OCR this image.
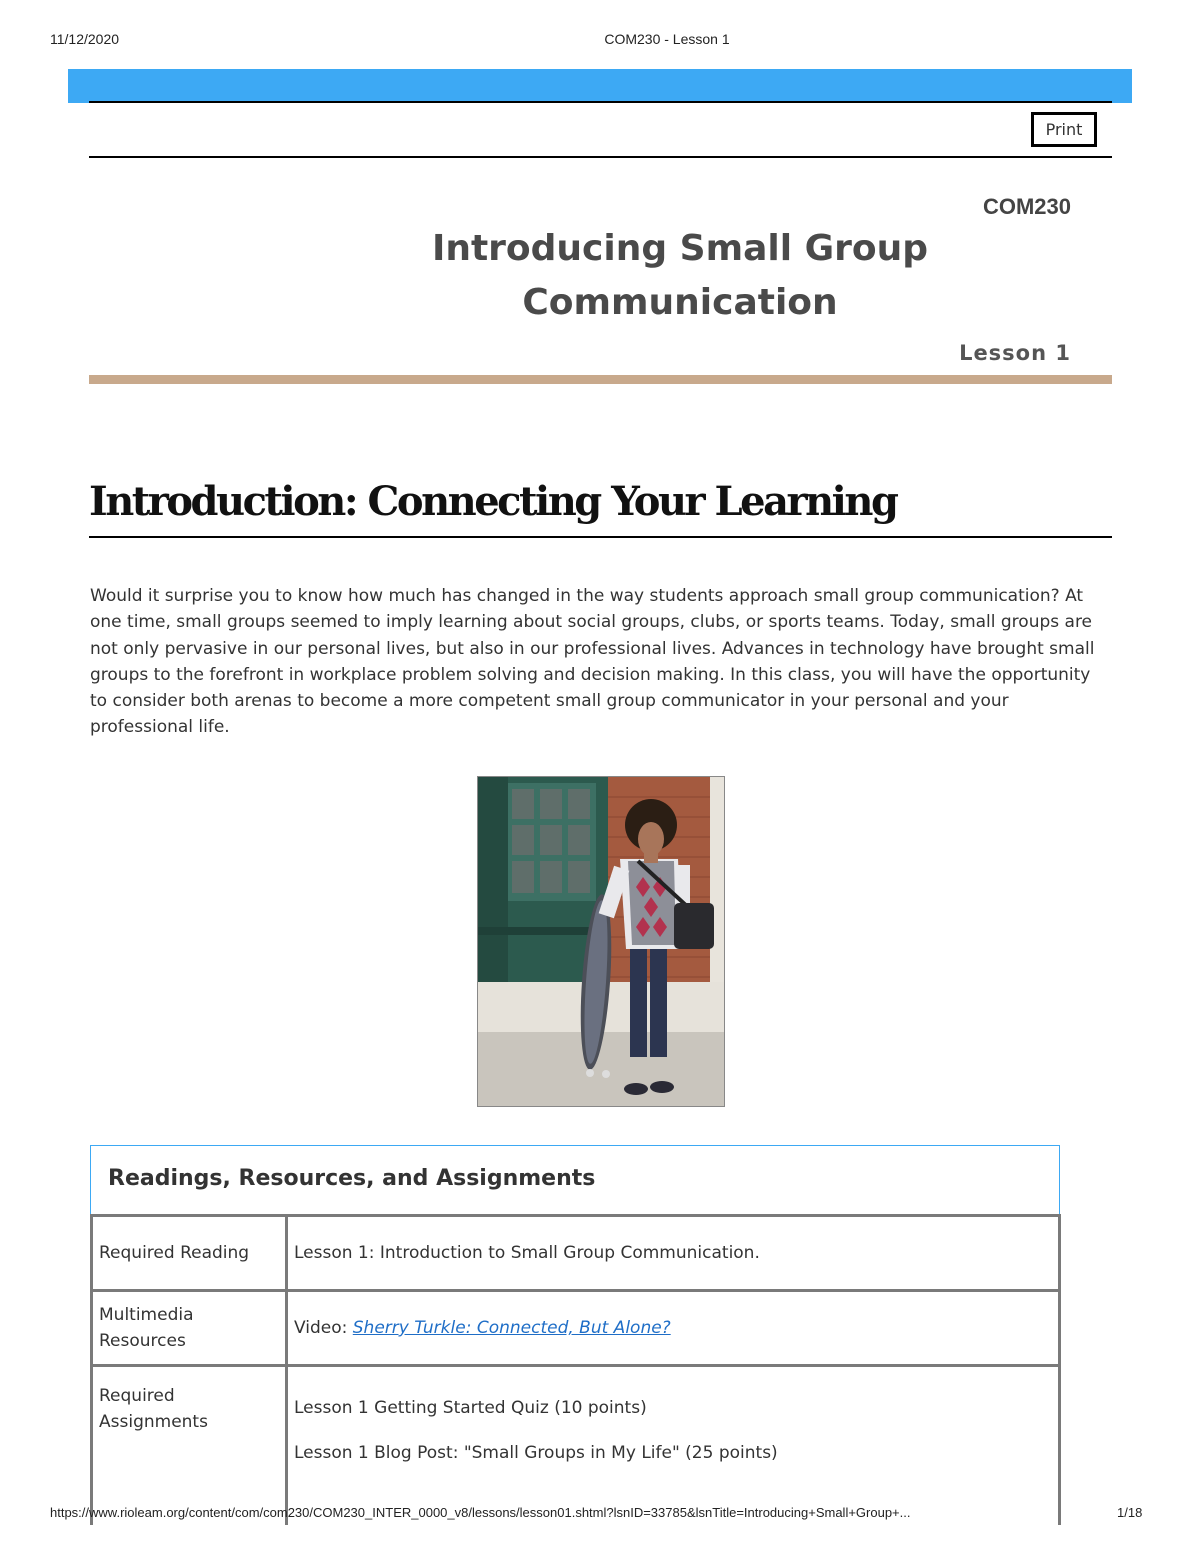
11/12/2020	COM230 - Lesson 1
Print
COM230
Introducing Small Group
Communication
Lesson 1
Introduction: Connecting Your Learning

Would it surprise you to know how much has changed in the way students approach small group communication? At one time, small groups seemed to imply learning about social groups, clubs, or sports teams. Today, small groups are not only pervasive in our personal lives, but also in our professional lives. Advances in technology have brought small groups to the forefront in workplace problem solving and decision making. In this class, you will have the opportunity to consider both arenas to become a more competent small group communicator in your personal and your professional life.

Readings, Resources, and Assignments
Required Reading	Lesson 1: Introduction to Small Group Communication.
Multimedia Resources	Video: Sherry Turkle: Connected, But Alone?
Required Assignments	Lesson 1 Getting Started Quiz (10 points)

Lesson 1 Blog Post: "Small Groups in My Life" (25 points)

https://www.rioleam.org/content/com/com230/COM230_INTER_0000_v8/lessons/lesson01.shtml?lsnID=33785&lsnTitle=Introducing+Small+Group+...	1/18
